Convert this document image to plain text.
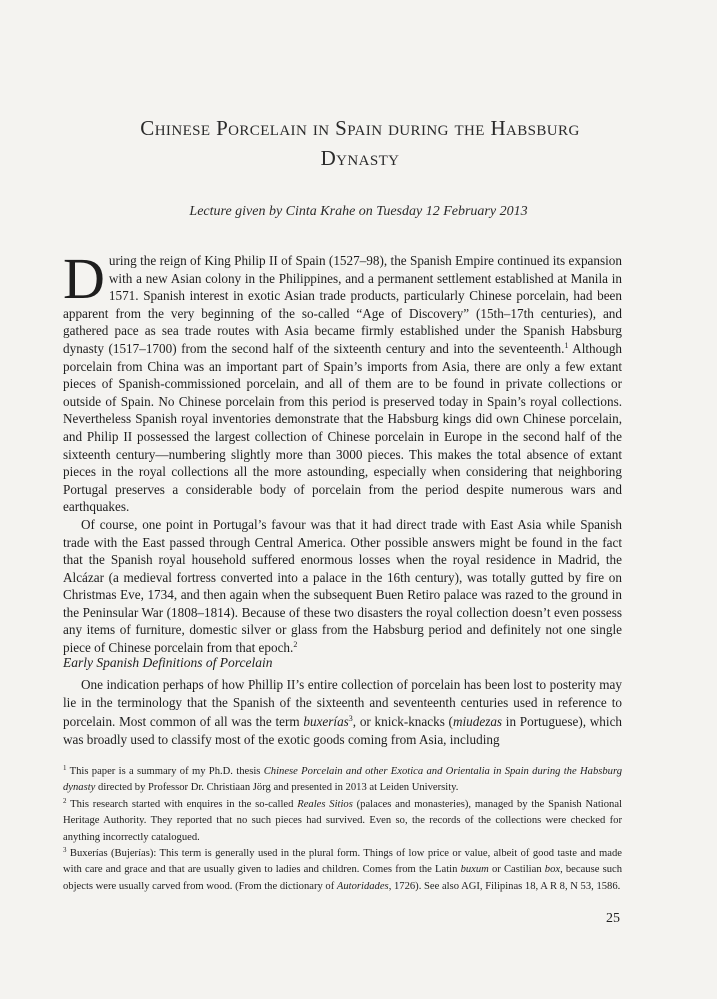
Chinese Porcelain in Spain during the Habsburg
Dynasty
Lecture given by Cinta Krahe on Tuesday 12 February 2013

During the reign of King Philip II of Spain (1527–98), the Spanish Empire continued its expansion with a new Asian colony in the Philippines, and a permanent settlement established at Manila in 1571. Spanish interest in exotic Asian trade products, particularly Chinese porcelain, had been apparent from the very beginning of the so-called “Age of Discovery” (15th–17th centuries), and gathered pace as sea trade routes with Asia became firmly established under the Spanish Habsburg dynasty (1517–1700) from the second half of the sixteenth century and into the seventeenth.$^1$ Although porcelain from China was an important part of Spain’s imports from Asia, there are only a few extant pieces of Spanish-commissioned porcelain, and all of them are to be found in private collections or outside of Spain. No Chinese porcelain from this period is preserved today in Spain’s royal collections. Nevertheless Spanish royal inventories demonstrate that the Habsburg kings did own Chinese porcelain, and Philip II possessed the largest collection of Chinese porcelain in Europe in the second half of the sixteenth century—numbering slightly more than 3000 pieces. This makes the total absence of extant pieces in the royal collections all the more astounding, especially when considering that neighboring Portugal preserves a considerable body of porcelain from the period despite numerous wars and earthquakes.

Of course, one point in Portugal’s favour was that it had direct trade with East Asia while Spanish trade with the East passed through Central America. Other possible answers might be found in the fact that the Spanish royal household suffered enormous losses when the royal residence in Madrid, the Alcázar (a medieval fortress converted into a palace in the 16th century), was totally gutted by fire on Christmas Eve, 1734, and then again when the subsequent Buen Retiro palace was razed to the ground in the Peninsular War (1808–1814). Because of these two disasters the royal collection doesn’t even possess any items of furniture, domestic silver or glass from the Habsburg period and definitely not one single piece of Chinese porcelain from that epoch.$^2$

Early Spanish Definitions of Porcelain

One indication perhaps of how Phillip II’s entire collection of porcelain has been lost to posterity may lie in the terminology that the Spanish of the sixteenth and seventeenth centuries used in reference to porcelain. Most common of all was the term buxerías$^3$, or knick-knacks (miudezas in Portuguese), which was broadly used to classify most of the exotic goods coming from Asia, including

$^1$ This paper is a summary of my Ph.D. thesis Chinese Porcelain and other Exotica and Orientalia in Spain during the Habsburg dynasty directed by Professor Dr. Christiaan Jörg and presented in 2013 at Leiden University.

$^2$ This research started with enquires in the so-called Reales Sitios (palaces and monasteries), managed by the Spanish National Heritage Authority. They reported that no such pieces had survived. Even so, the records of the collections were checked for anything incorrectly catalogued.

$^3$ Buxerías (Bujerías): This term is generally used in the plural form. Things of low price or value, albeit of good taste and made with care and grace and that are usually given to ladies and children. Comes from the Latin buxum or Castilian box, because such objects were usually carved from wood. (From the dictionary of Autoridades, 1726). See also AGI, Filipinas 18, A R 8, N 53, 1586.

25
